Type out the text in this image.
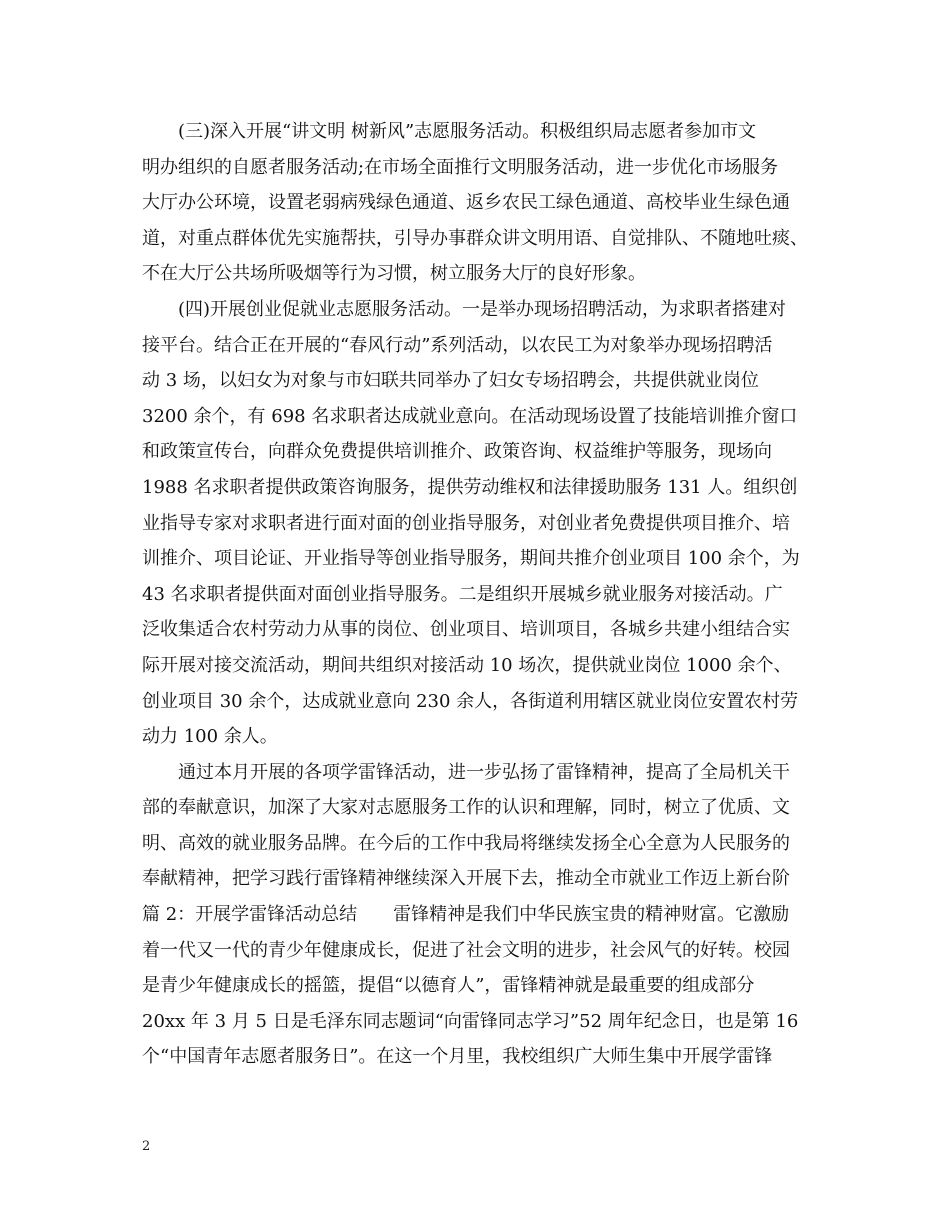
　　(三)深入开展“讲文明 树新风”志愿服务活动。积极组织局志愿者参加市文
明办组织的自愿者服务活动;在市场全面推行文明服务活动，进一步优化市场服务
大厅办公环境，设置老弱病残绿色通道、返乡农民工绿色通道、高校毕业生绿色通
道，对重点群体优先实施帮扶，引导办事群众讲文明用语、自觉排队、不随地吐痰、
不在大厅公共场所吸烟等行为习惯，树立服务大厅的良好形象。
　　(四)开展创业促就业志愿服务活动。一是举办现场招聘活动，为求职者搭建对
接平台。结合正在开展的“春风行动”系列活动，以农民工为对象举办现场招聘活
动 3 场，以妇女为对象与市妇联共同举办了妇女专场招聘会，共提供就业岗位
3200 余个，有 698 名求职者达成就业意向。在活动现场设置了技能培训推介窗口
和政策宣传台，向群众免费提供培训推介、政策咨询、权益维护等服务，现场向
1988 名求职者提供政策咨询服务，提供劳动维权和法律援助服务 131 人。组织创
业指导专家对求职者进行面对面的创业指导服务，对创业者免费提供项目推介、培
训推介、项目论证、开业指导等创业指导服务，期间共推介创业项目 100 余个，为
43 名求职者提供面对面创业指导服务。二是组织开展城乡就业服务对接活动。广
泛收集适合农村劳动力从事的岗位、创业项目、培训项目，各城乡共建小组结合实
际开展对接交流活动，期间共组织对接活动 10 场次，提供就业岗位 1000 余个、
创业项目 30 余个，达成就业意向 230 余人，各街道利用辖区就业岗位安置农村劳
动力 100 余人。
　　通过本月开展的各项学雷锋活动，进一步弘扬了雷锋精神，提高了全局机关干
部的奉献意识，加深了大家对志愿服务工作的认识和理解，同时，树立了优质、文
明、高效的就业服务品牌。在今后的工作中我局将继续发扬全心全意为人民服务的
奉献精神，把学习践行雷锋精神继续深入开展下去，推动全市就业工作迈上新台阶
篇 2：开展学雷锋活动总结　　雷锋精神是我们中华民族宝贵的精神财富。它激励
着一代又一代的青少年健康成长，促进了社会文明的进步，社会风气的好转。校园
是青少年健康成长的摇篮，提倡“以德育人”，雷锋精神就是最重要的组成部分
20xx 年 3 月 5 日是毛泽东同志题词“向雷锋同志学习”52 周年纪念日，也是第 16
个“中国青年志愿者服务日”。在这一个月里，我校组织广大师生集中开展学雷锋
2
